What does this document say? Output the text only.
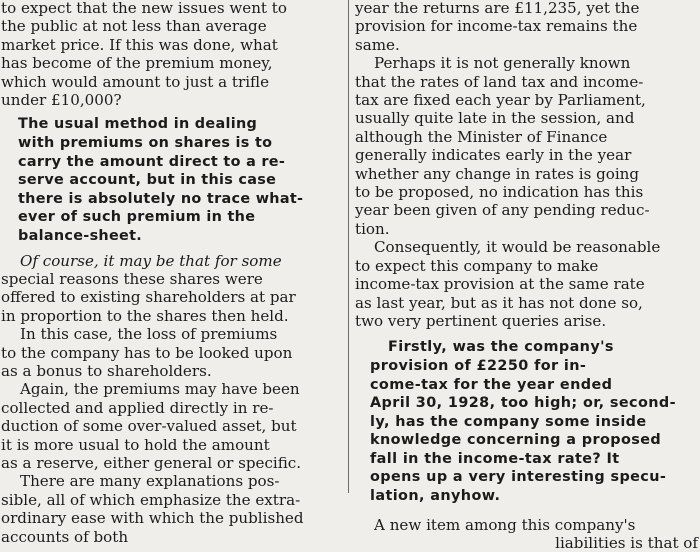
to expect that the new issues went to
the public at not less than average
market price. If this was done, what
has become of the premium money,
which would amount to just a trifle
under £10,000?

The usual method in dealing
with premiums on shares is to
carry the amount direct to a re-
serve account, but in this case
there is absolutely no trace what-
ever of such premium in the
balance-sheet.

Of course, it may be that for some
special reasons these shares were
offered to existing shareholders at par
in proportion to the shares then held.

In this case, the loss of premiums
to the company has to be looked upon
as a bonus to shareholders.

Again, the premiums may have been
collected and applied directly in re-
duction of some over-valued asset, but
it is more usual to hold the amount
as a reserve, either general or specific.

There are many explanations pos-
sible, all of which emphasize the extra-
ordinary ease with which the published
accounts of both

year the returns are £11,235, yet the
provision for income-tax remains the
same.

Perhaps it is not generally known
that the rates of land tax and income-
tax are fixed each year by Parliament,
usually quite late in the session, and
although the Minister of Finance
generally indicates early in the year
whether any change in rates is going
to be proposed, no indication has this
year been given of any pending reduc-
tion.

Consequently, it would be reasonable
to expect this company to make
income-tax provision at the same rate
as last year, but as it has not done so,
two very pertinent queries arise.

Firstly, was the company's
provision of £2250 for in-
come-tax for the year ended
April 30, 1928, too high; or, second-
ly, has the company some inside
knowledge concerning a proposed
fall in the income-tax rate? It
opens up a very interesting specu-
lation, anyhow.

A new item among this company's
liabilities is that of
